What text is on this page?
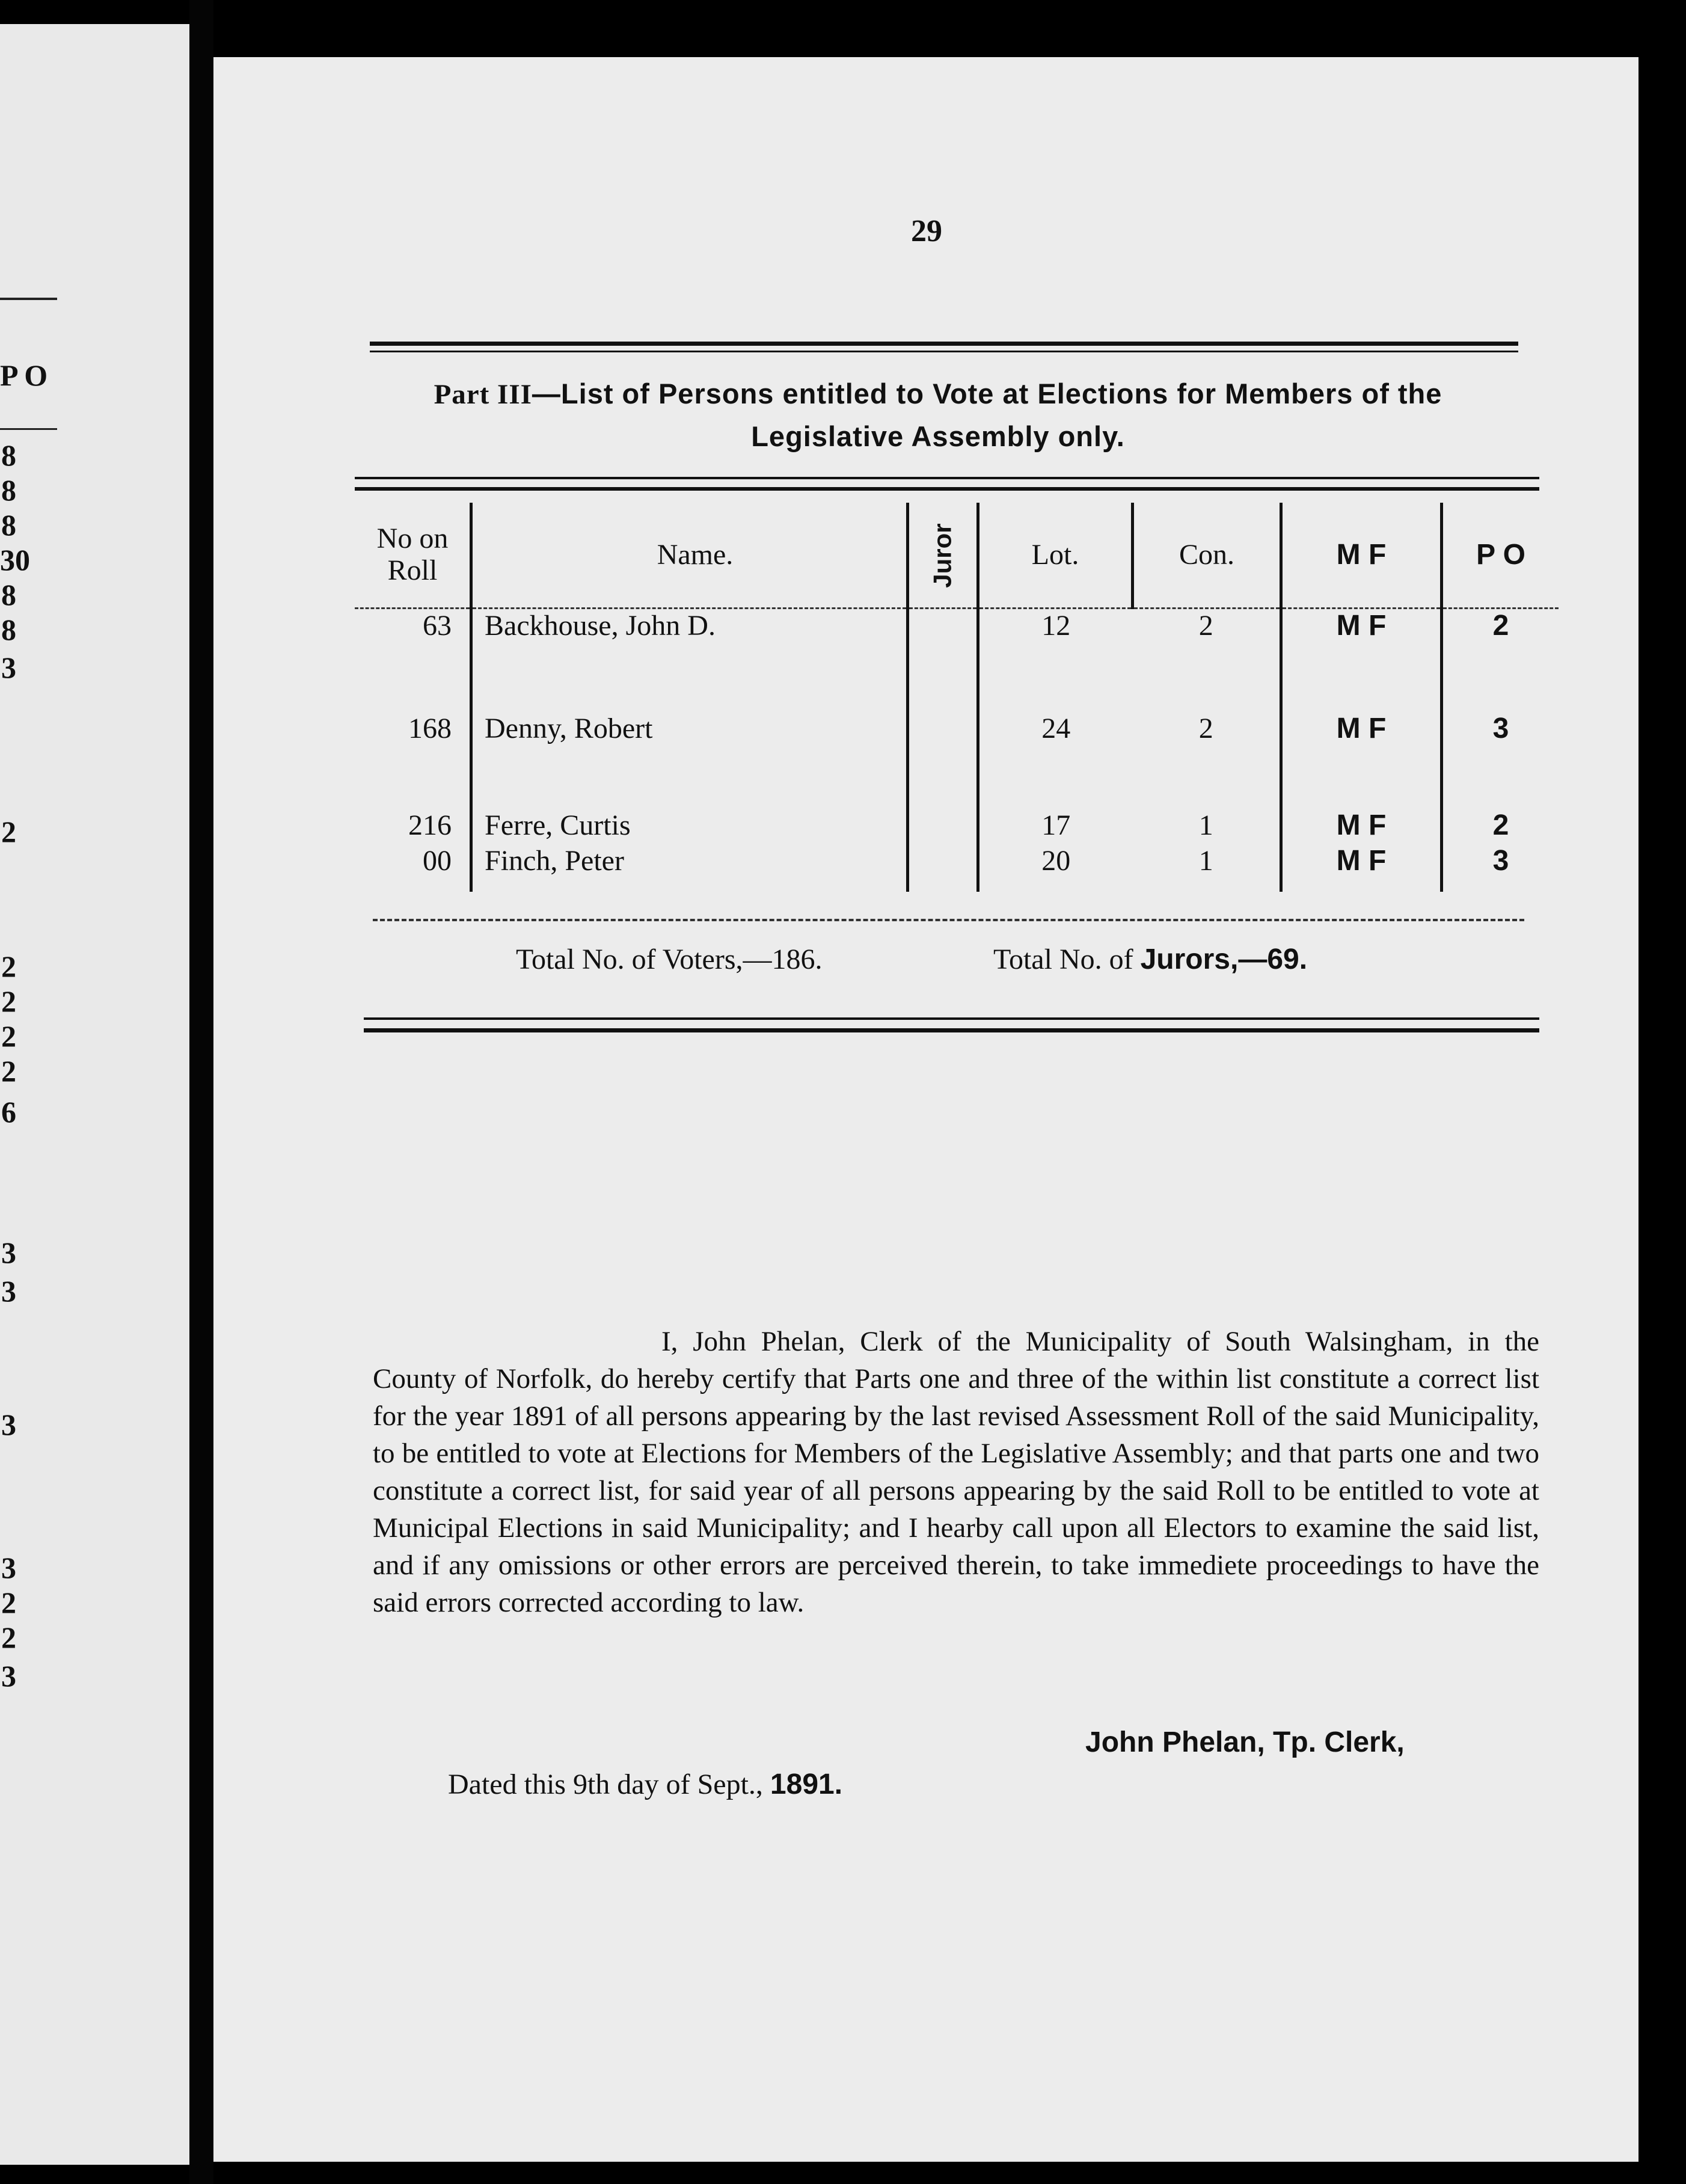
P O
8
8
8
30
8
8
3
2
2
2
2
2
6
3
3
3
3
2
2
3
29
Part III—List of Persons entitled to Vote at Elections for Members of the
Legislative Assembly only.
No on Roll	Name.	Juror	Lot.	Con.	M F	P O
63	Backhouse, John D.		12	2	M F	2
168	Denny, Robert		24	2	M F	3
216	Ferre, Curtis		17	1	M F	2
00	Finch, Peter		20	1	M F	3
Total No. of Voters,—186.	Total No. of Jurors,—69.
I, John Phelan, Clerk of the Municipality of South Walsingham, in the County of Norfolk, do hereby certify that Parts one and three of the within list constitute a correct list for the year 1891 of all persons appearing by the last revised Assessment Roll of the said Municipality, to be entitled to vote at Elections for Members of the Legislative Assembly; and that parts one and two constitute a correct list, for said year of all persons appearing by the said Roll to be entitled to vote at Municipal Elections in said Municipality; and I hearby call upon all Electors to examine the said list, and if any omissions or other errors are perceived therein, to take immediete proceedings to have the said errors corrected according to law.
John Phelan, Tp. Clerk,
Dated this 9th day of Sept., 1891.
